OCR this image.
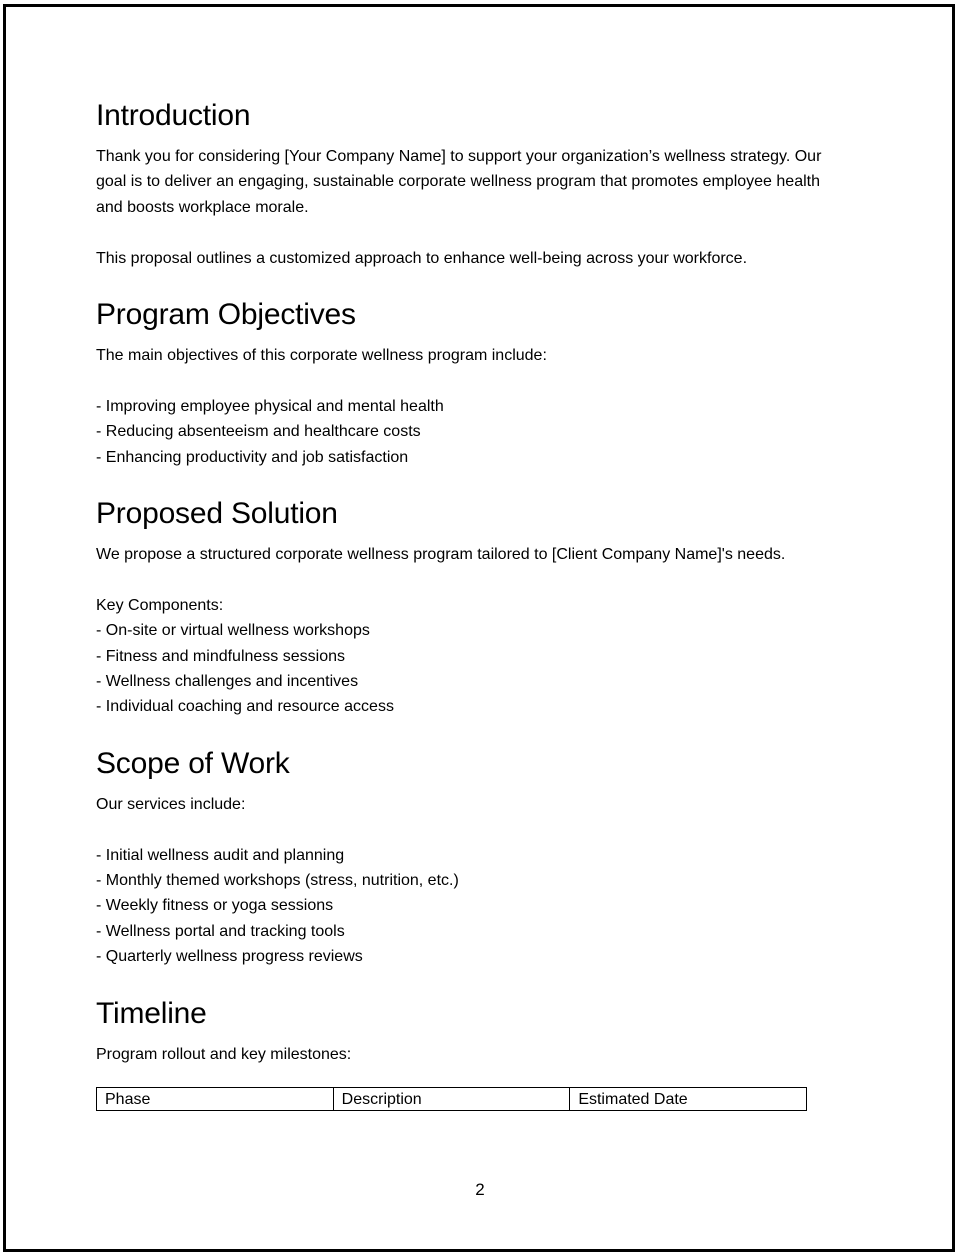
Introduction

Thank you for considering [Your Company Name] to support your organization’s wellness strategy. Our

goal is to deliver an engaging, sustainable corporate wellness program that promotes employee health

and boosts workplace morale.

This proposal outlines a customized approach to enhance well-being across your workforce.

Program Objectives

The main objectives of this corporate wellness program include:

- Improving employee physical and mental health

- Reducing absenteeism and healthcare costs

- Enhancing productivity and job satisfaction

Proposed Solution

We propose a structured corporate wellness program tailored to [Client Company Name]'s needs.

Key Components:

- On-site or virtual wellness workshops

- Fitness and mindfulness sessions

- Wellness challenges and incentives

- Individual coaching and resource access

Scope of Work

Our services include:

- Initial wellness audit and planning

- Monthly themed workshops (stress, nutrition, etc.)

- Weekly fitness or yoga sessions

- Wellness portal and tracking tools

- Quarterly wellness progress reviews

Timeline

Program rollout and key milestones:

Phase	Description	Estimated Date
2
